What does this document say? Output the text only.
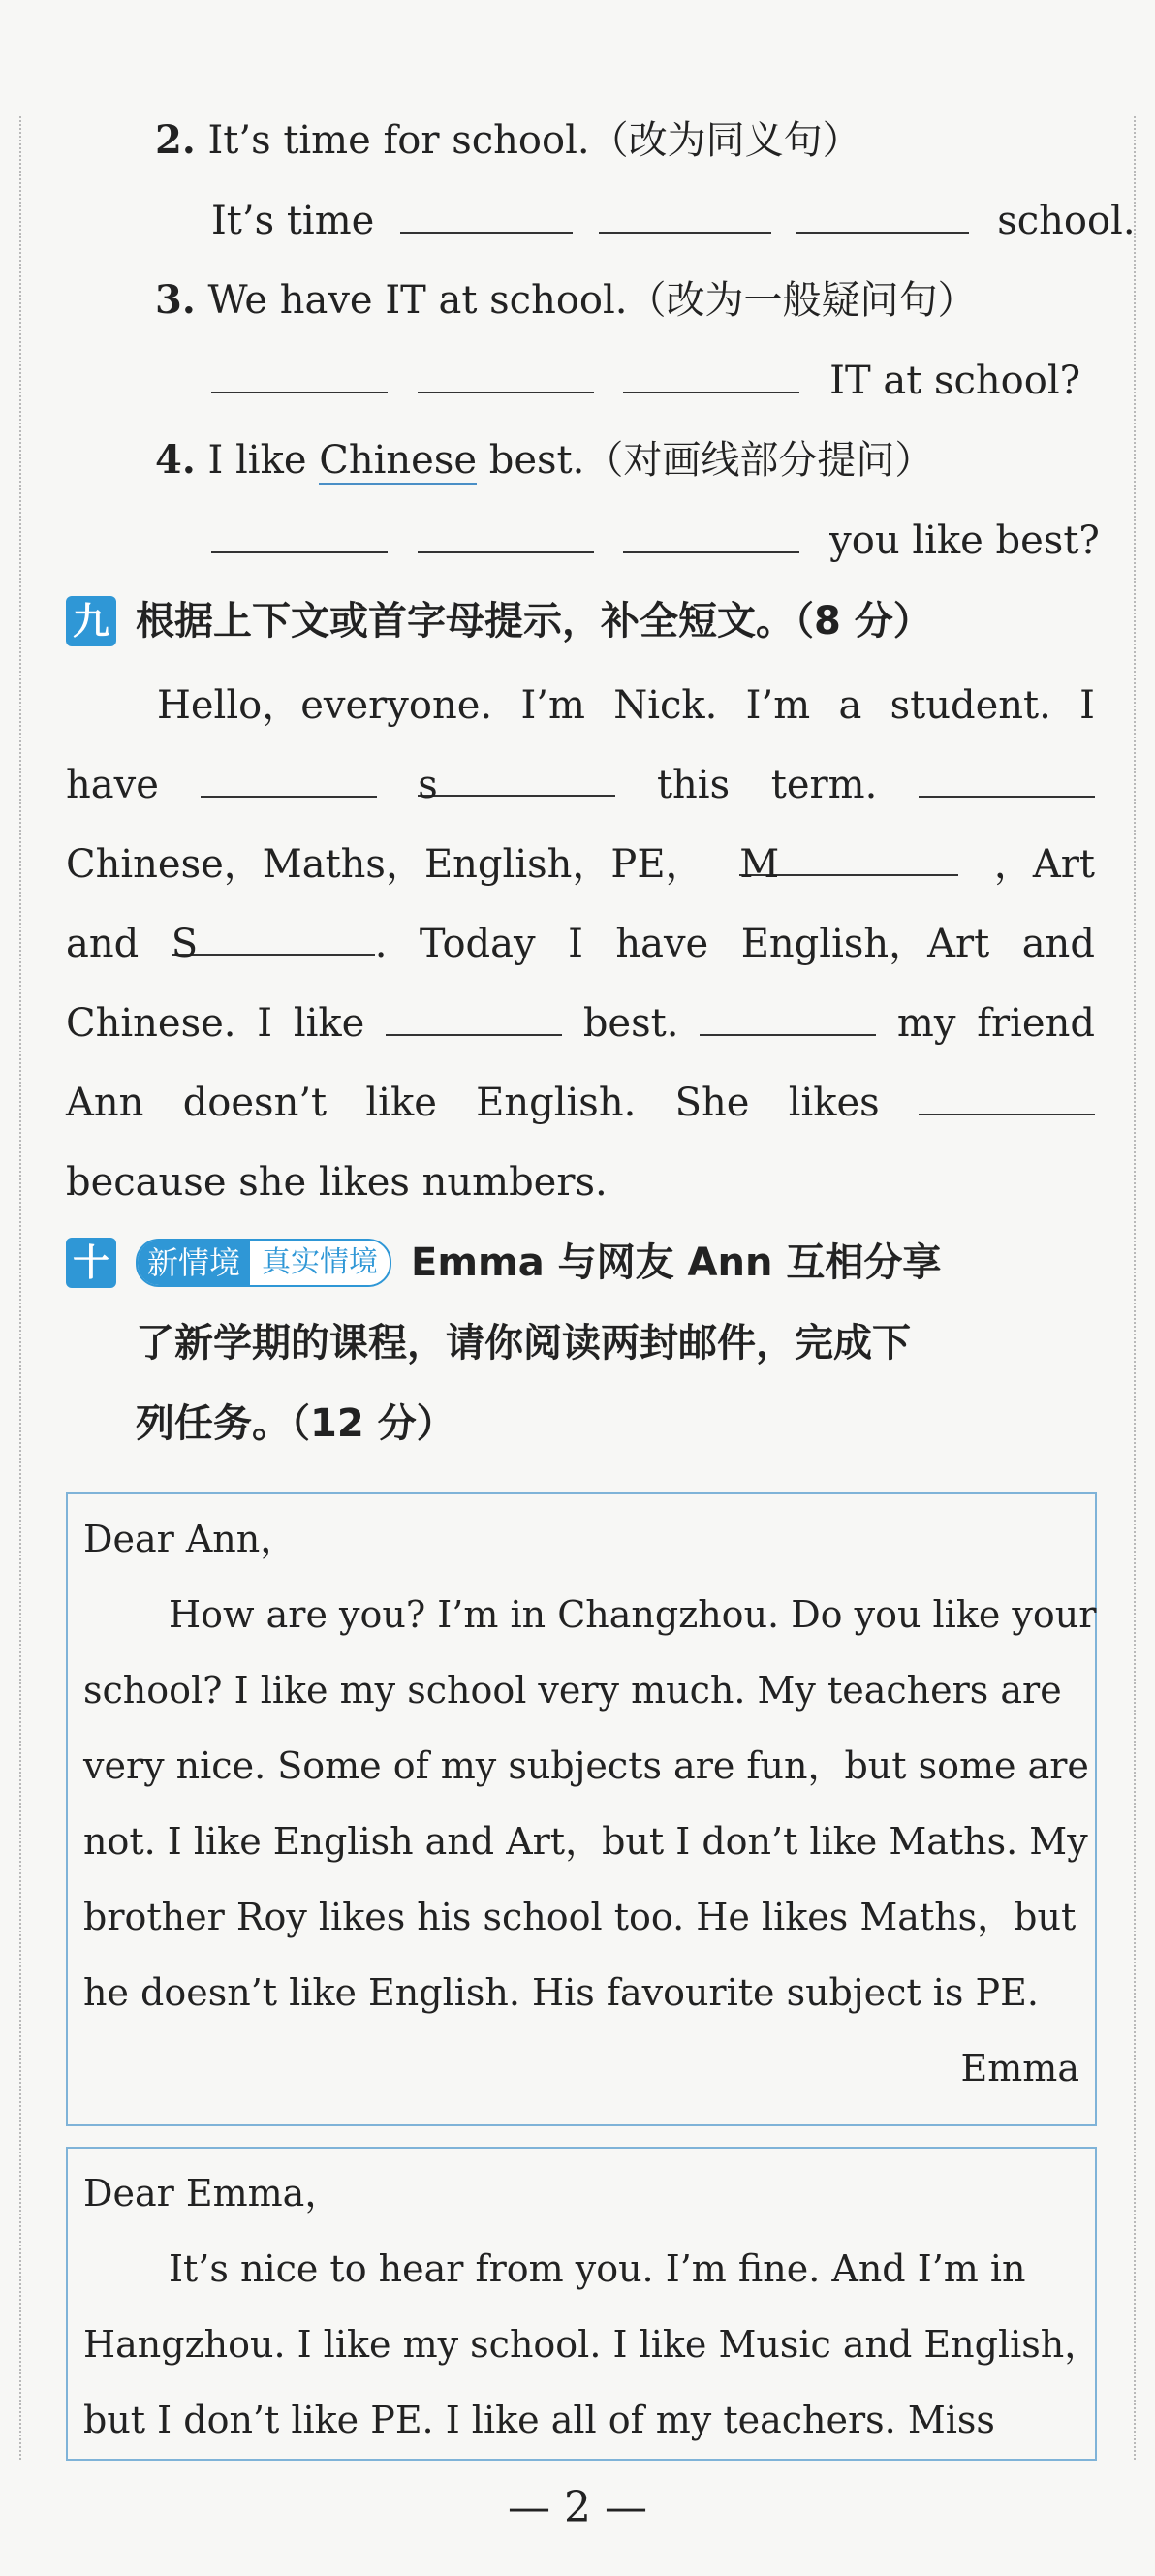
2. It’s time for school.（改为同义句）
It’s time	school.
3. We have IT at school.（改为一般疑问句）
IT at school?
4. I like Chinese best.（对画线部分提问）
you like best?
九 根据上下文或首字母提示，补全短文。（8 分）
Hello，everyone. I’m Nick. I’m a student. I
have	s	this term.
Chinese，Maths，English，PE， M	，Art
and S	. Today I have English，Art and
Chinese. I like	best.	my friend
Ann doesn’t like English. She likes
because she likes numbers.
十	新情境 真实情境 Emma 与网友 Ann 互相分享
了新学期的课程，请你阅读两封邮件，完成下
列任务。（12 分）
Dear Ann，
How are you? I’m in Changzhou. Do you like your
school? I like my school very much. My teachers are
very nice. Some of my subjects are fun，but some are
not. I like English and Art，but I don’t like Maths. My
brother Roy likes his school too. He likes Maths，but
he doesn’t like English. His favourite subject is PE.
Emma
Dear Emma，
It’s nice to hear from you. I’m fine. And I’m in
Hangzhou. I like my school. I like Music and English，
but I don’t like PE. I like all of my teachers. Miss
— 2 —
